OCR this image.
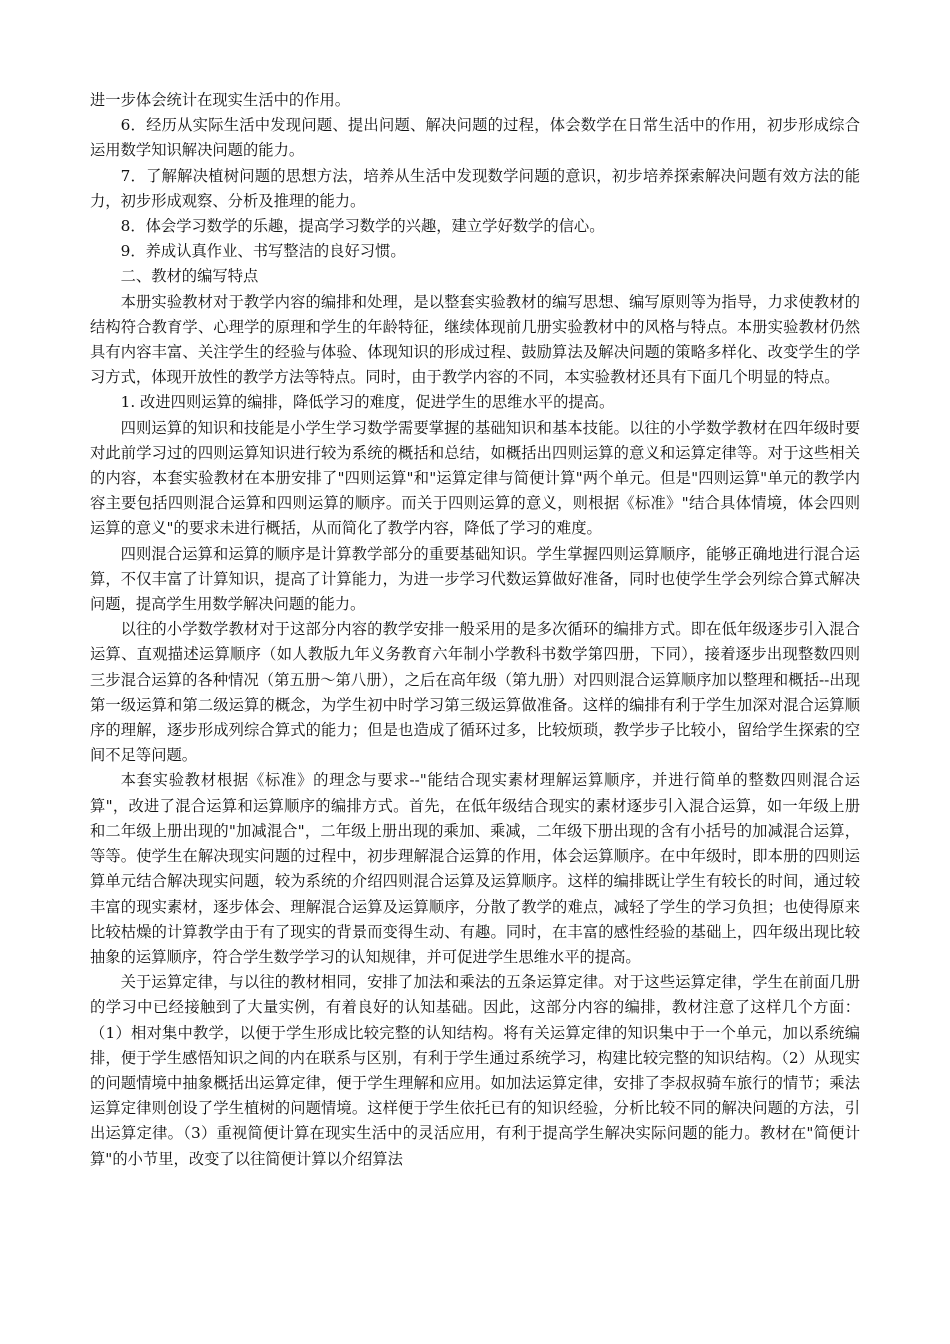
进一步体会统计在现实生活中的作用。

6．经历从实际生活中发现问题、提出问题、解决问题的过程，体会数学在日常生活中的作用，初步形成综合运用数学知识解决问题的能力。

7．了解解决植树问题的思想方法，培养从生活中发现数学问题的意识，初步培养探索解决问题有效方法的能力，初步形成观察、分析及推理的能力。

8．体会学习数学的乐趣，提高学习数学的兴趣，建立学好数学的信心。

9．养成认真作业、书写整洁的良好习惯。

二、教材的编写特点

本册实验教材对于教学内容的编排和处理，是以整套实验教材的编写思想、编写原则等为指导，力求使教材的结构符合教育学、心理学的原理和学生的年龄特征，继续体现前几册实验教材中的风格与特点。本册实验教材仍然具有内容丰富、关注学生的经验与体验、体现知识的形成过程、鼓励算法及解决问题的策略多样化、改变学生的学习方式，体现开放性的教学方法等特点。同时，由于教学内容的不同，本实验教材还具有下面几个明显的特点。

1. 改进四则运算的编排，降低学习的难度，促进学生的思维水平的提高。

四则运算的知识和技能是小学生学习数学需要掌握的基础知识和基本技能。以往的小学数学教材在四年级时要对此前学习过的四则运算知识进行较为系统的概括和总结，如概括出四则运算的意义和运算定律等。对于这些相关的内容，本套实验教材在本册安排了"四则运算"和"运算定律与简便计算"两个单元。但是"四则运算"单元的教学内容主要包括四则混合运算和四则运算的顺序。而关于四则运算的意义，则根据《标准》"结合具体情境，体会四则运算的意义"的要求未进行概括，从而简化了教学内容，降低了学习的难度。

四则混合运算和运算的顺序是计算教学部分的重要基础知识。学生掌握四则运算顺序，能够正确地进行混合运算，不仅丰富了计算知识，提高了计算能力，为进一步学习代数运算做好准备，同时也使学生学会列综合算式解决问题，提高学生用数学解决问题的能力。

以往的小学数学教材对于这部分内容的教学安排一般采用的是多次循环的编排方式。即在低年级逐步引入混合运算、直观描述运算顺序（如人教版九年义务教育六年制小学教科书数学第四册，下同），接着逐步出现整数四则三步混合运算的各种情况（第五册～第八册），之后在高年级（第九册）对四则混合运算顺序加以整理和概括--出现第一级运算和第二级运算的概念，为学生初中时学习第三级运算做准备。这样的编排有利于学生加深对混合运算顺序的理解，逐步形成列综合算式的能力；但是也造成了循环过多，比较烦琐，教学步子比较小，留给学生探索的空间不足等问题。

本套实验教材根据《标准》的理念与要求--"能结合现实素材理解运算顺序，并进行简单的整数四则混合运算"，改进了混合运算和运算顺序的编排方式。首先，在低年级结合现实的素材逐步引入混合运算，如一年级上册和二年级上册出现的"加减混合"，二年级上册出现的乘加、乘减，二年级下册出现的含有小括号的加减混合运算，等等。使学生在解决现实问题的过程中，初步理解混合运算的作用，体会运算顺序。在中年级时，即本册的四则运算单元结合解决现实问题，较为系统的介绍四则混合运算及运算顺序。这样的编排既让学生有较长的时间，通过较丰富的现实素材，逐步体会、理解混合运算及运算顺序，分散了教学的难点，减轻了学生的学习负担；也使得原来比较枯燥的计算教学由于有了现实的背景而变得生动、有趣。同时，在丰富的感性经验的基础上，四年级出现比较抽象的运算顺序，符合学生数学学习的认知规律，并可促进学生思维水平的提高。

关于运算定律，与以往的教材相同，安排了加法和乘法的五条运算定律。对于这些运算定律，学生在前面几册的学习中已经接触到了大量实例，有着良好的认知基础。因此，这部分内容的编排，教材注意了这样几个方面：（1）相对集中教学，以便于学生形成比较完整的认知结构。将有关运算定律的知识集中于一个单元，加以系统编排，便于学生感悟知识之间的内在联系与区别，有利于学生通过系统学习，构建比较完整的知识结构。（2）从现实的问题情境中抽象概括出运算定律，便于学生理解和应用。如加法运算定律，安排了李叔叔骑车旅行的情节；乘法运算定律则创设了学生植树的问题情境。这样便于学生依托已有的知识经验，分析比较不同的解决问题的方法，引出运算定律。（3）重视简便计算在现实生活中的灵活应用，有利于提高学生解决实际问题的能力。教材在"简便计算"的小节里，改变了以往简便计算以介绍算法
